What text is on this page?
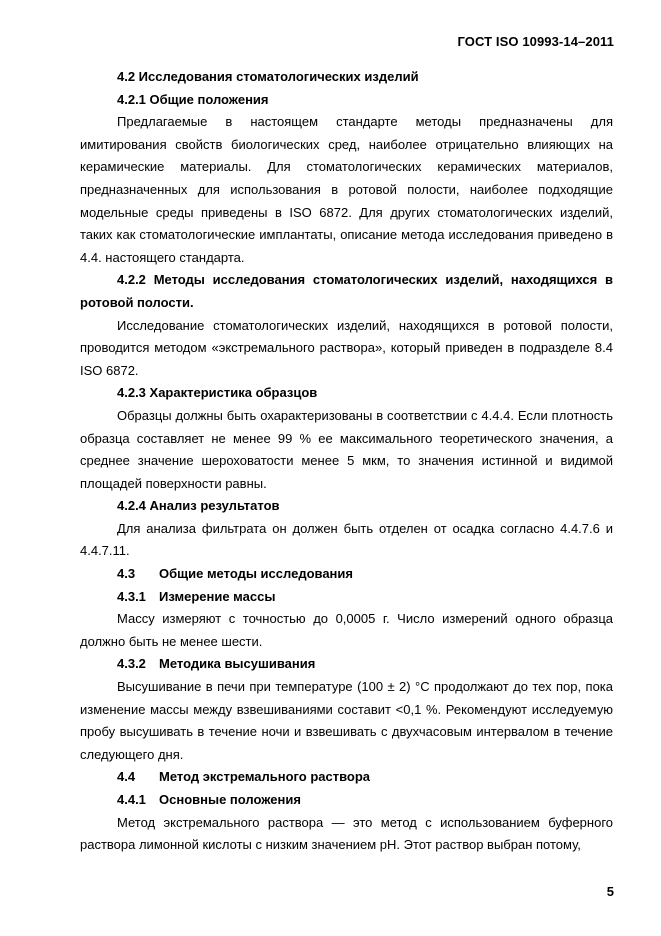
ГОСТ ISO 10993-14–2011

4.2 Исследования стоматологических изделий

4.2.1 Общие положения

Предлагаемые в настоящем стандарте методы предназначены для имитирования свойств биологических сред, наиболее отрицательно влияющих на керамические материалы. Для стоматологических керамических материалов, предназначенных для использования в ротовой полости, наиболее подходящие модельные среды приведены в ISO 6872. Для других стоматологических изделий, таких как стоматологические имплантаты, описание метода исследования приведено в 4.4. настоящего стандарта.

4.2.2 Методы исследования стоматологических изделий, находящихся в ротовой полости.

Исследование стоматологических изделий, находящихся в ротовой полости, проводится методом «экстремального раствора», который приведен в подразделе 8.4 ISO 6872.

4.2.3 Характеристика образцов

Образцы должны быть охарактеризованы в соответствии с 4.4.4. Если плотность образца составляет не менее 99 % ее максимального теоретического значения, а среднее значение шероховатости менее 5 мкм, то значения истинной и видимой площадей поверхности равны.

4.2.4 Анализ результатов

Для анализа фильтрата он должен быть отделен от осадка согласно 4.4.7.6 и 4.4.7.11.

4.3 Общие методы исследования

4.3.1 Измерение массы

Массу измеряют с точностью до 0,0005 г. Число измерений одного образца должно быть не менее шести.

4.3.2 Методика высушивания

Высушивание в печи при температуре (100 ± 2) °С продолжают до тех пор, пока изменение массы между взвешиваниями составит <0,1 %. Рекомендуют исследуемую пробу высушивать в течение ночи и взвешивать с двухчасовым интервалом в течение следующего дня.

4.4 Метод экстремального раствора

4.4.1 Основные положения

Метод экстремального раствора — это метод с использованием буферного раствора лимонной кислоты с низким значением pH. Этот раствор выбран потому,

5
